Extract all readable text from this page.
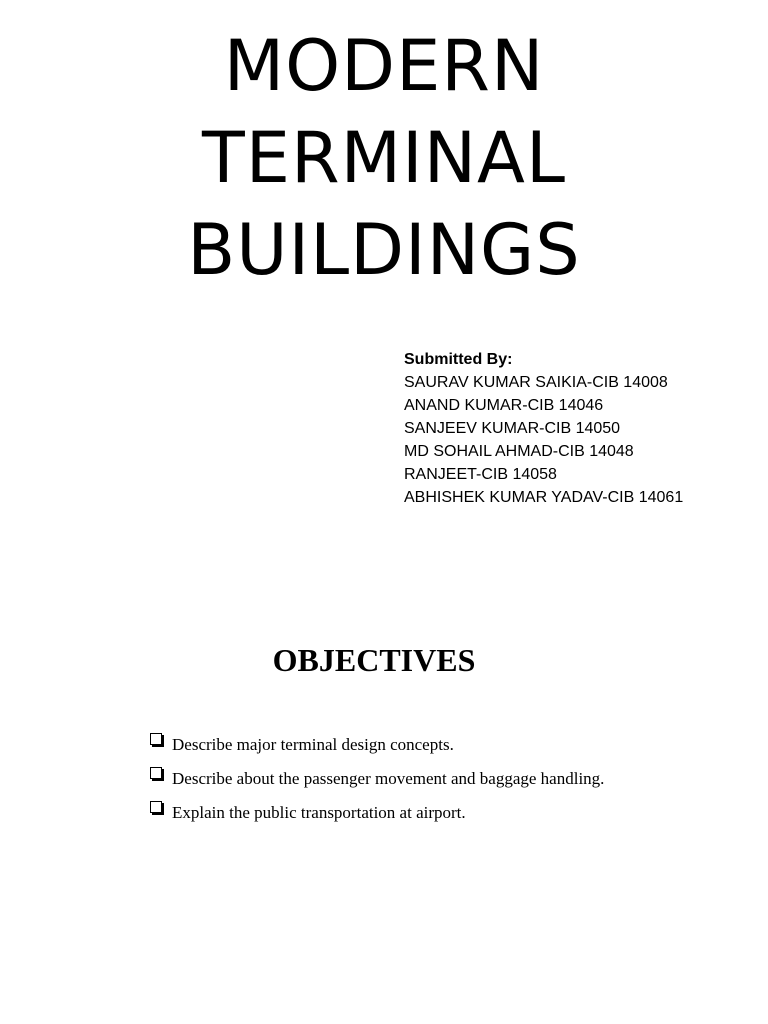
MODERN
TERMINAL
BUILDINGS
Submitted By:
SAURAV KUMAR SAIKIA-CIB 14008
ANAND KUMAR-CIB 14046
SANJEEV KUMAR-CIB 14050
MD SOHAIL AHMAD-CIB 14048
RANJEET-CIB 14058
ABHISHEK KUMAR YADAV-CIB 14061
OBJECTIVES
Describe major terminal design concepts.
Describe about the passenger movement and baggage handling.
Explain the public transportation at airport.
